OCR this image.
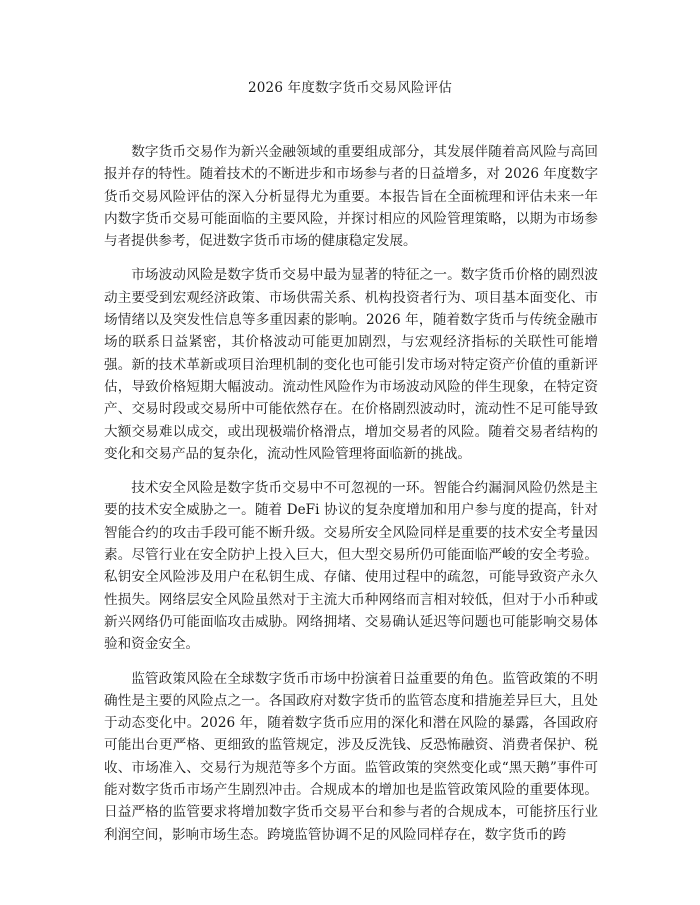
2026 年度数字货币交易风险评估

数字货币交易作为新兴金融领域的重要组成部分，其发展伴随着高风险与高回报并存的特性。随着技术的不断进步和市场参与者的日益增多，对 2026 年度数字货币交易风险评估的深入分析显得尤为重要。本报告旨在全面梳理和评估未来一年内数字货币交易可能面临的主要风险，并探讨相应的风险管理策略，以期为市场参与者提供参考，促进数字货币市场的健康稳定发展。

市场波动风险是数字货币交易中最为显著的特征之一。数字货币价格的剧烈波动主要受到宏观经济政策、市场供需关系、机构投资者行为、项目基本面变化、市场情绪以及突发性信息等多重因素的影响。2026 年，随着数字货币与传统金融市场的联系日益紧密，其价格波动可能更加剧烈，与宏观经济指标的关联性可能增强。新的技术革新或项目治理机制的变化也可能引发市场对特定资产价值的重新评估，导致价格短期大幅波动。流动性风险作为市场波动风险的伴生现象，在特定资产、交易时段或交易所中可能依然存在。在价格剧烈波动时，流动性不足可能导致大额交易难以成交，或出现极端价格滑点，增加交易者的风险。随着交易者结构的变化和交易产品的复杂化，流动性风险管理将面临新的挑战。

技术安全风险是数字货币交易中不可忽视的一环。智能合约漏洞风险仍然是主要的技术安全威胁之一。随着 DeFi 协议的复杂度增加和用户参与度的提高，针对智能合约的攻击手段可能不断升级。交易所安全风险同样是重要的技术安全考量因素。尽管行业在安全防护上投入巨大，但大型交易所仍可能面临严峻的安全考验。私钥安全风险涉及用户在私钥生成、存储、使用过程中的疏忽，可能导致资产永久性损失。网络层安全风险虽然对于主流大币种网络而言相对较低，但对于小币种或新兴网络仍可能面临攻击威胁。网络拥堵、交易确认延迟等问题也可能影响交易体验和资金安全。

监管政策风险在全球数字货币市场中扮演着日益重要的角色。监管政策的不明确性是主要的风险点之一。各国政府对数字货币的监管态度和措施差异巨大，且处于动态变化中。2026 年，随着数字货币应用的深化和潜在风险的暴露，各国政府可能出台更严格、更细致的监管规定，涉及反洗钱、反恐怖融资、消费者保护、税收、市场准入、交易行为规范等多个方面。监管政策的突然变化或“黑天鹅”事件可能对数字货币市场产生剧烈冲击。合规成本的增加也是监管政策风险的重要体现。日益严格的监管要求将增加数字货币交易平台和参与者的合规成本，可能挤压行业利润空间，影响市场生态。跨境监管协调不足的风险同样存在，数字货币的跨
